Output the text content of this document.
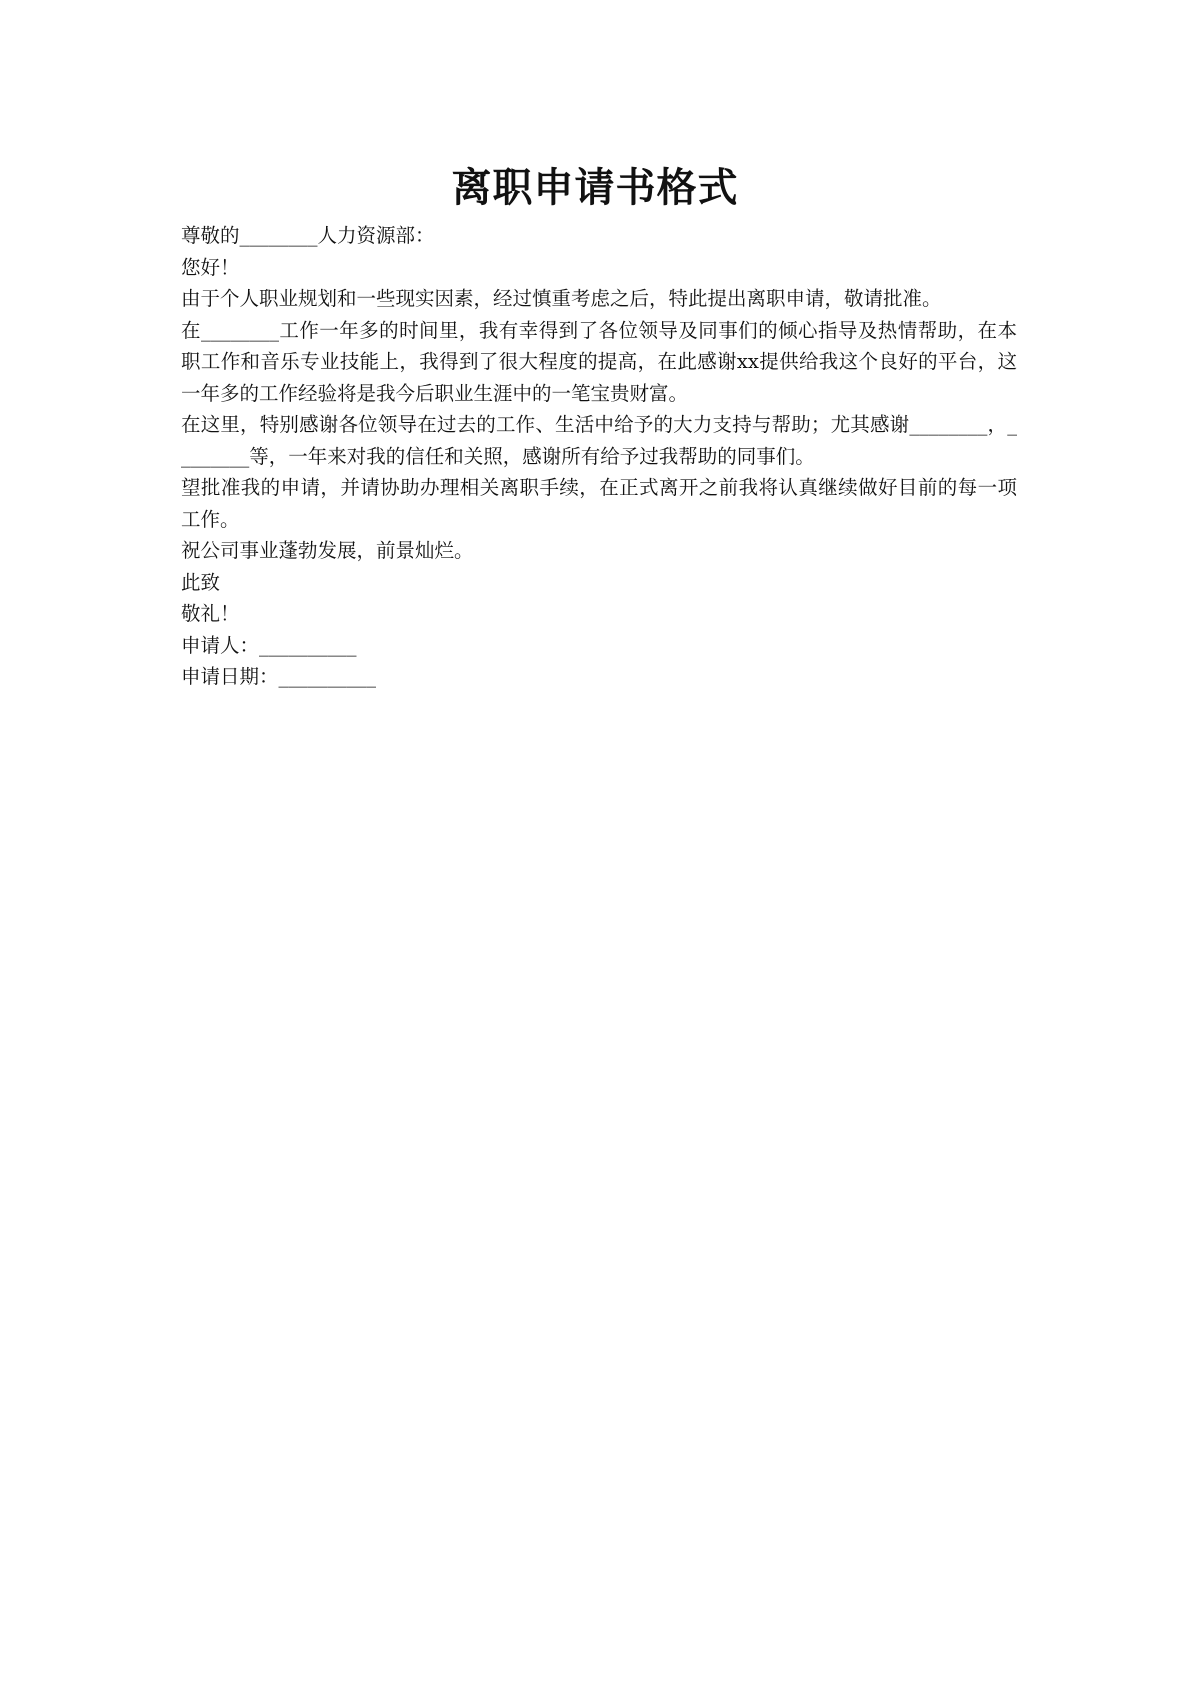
离职申请书格式

尊敬的________人力资源部：

您好！

由于个人职业规划和一些现实因素，经过慎重考虑之后，特此提出离职申请，敬请批准。

在________工作一年多的时间里，我有幸得到了各位领导及同事们的倾心指导及热情帮助，在本职工作和音乐专业技能上，我得到了很大程度的提高，在此感谢xx提供给我这个良好的平台，这一年多的工作经验将是我今后职业生涯中的一笔宝贵财富。

在这里，特别感谢各位领导在过去的工作、生活中给予的大力支持与帮助；尤其感谢________，________等，一年来对我的信任和关照，感谢所有给予过我帮助的同事们。

望批准我的申请，并请协助办理相关离职手续，在正式离开之前我将认真继续做好目前的每一项工作。

祝公司事业蓬勃发展，前景灿烂。

此致

敬礼！

申请人：__________

申请日期：__________
